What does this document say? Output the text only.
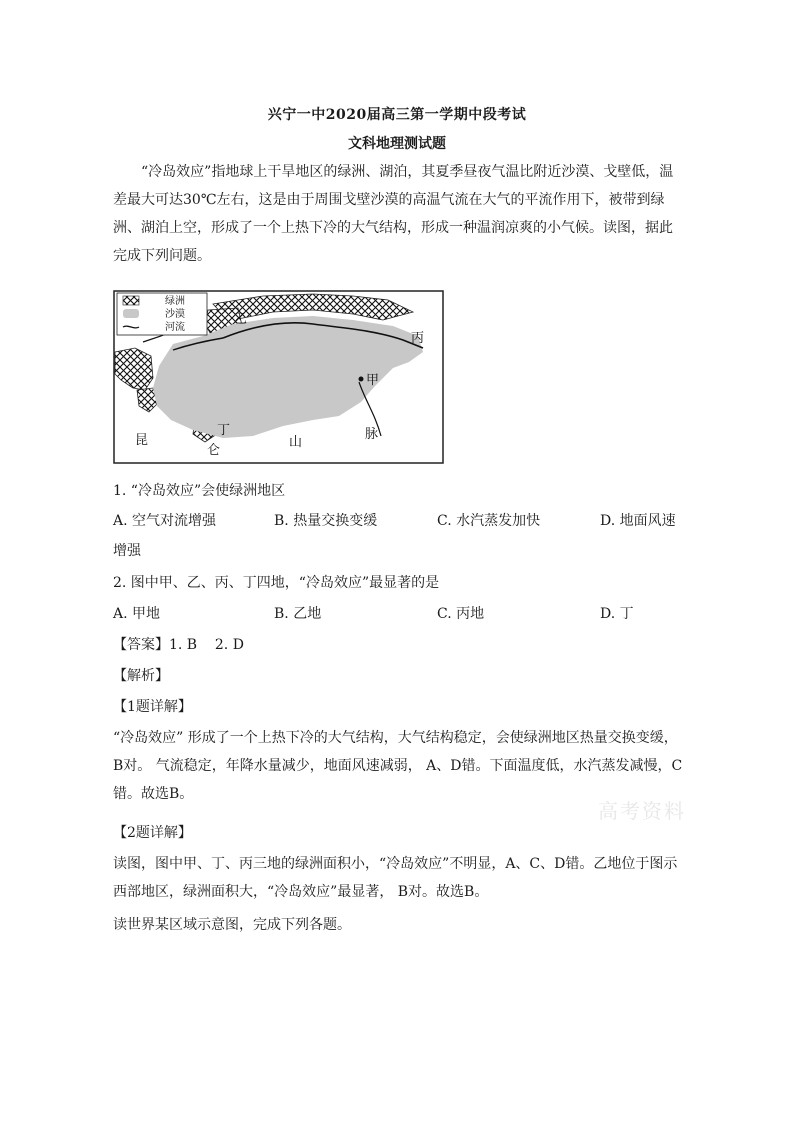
兴宁一中2020届高三第一学期中段考试
文科地理测试题
“冷岛效应”指地球上干旱地区的绿洲、湖泊，其夏季昼夜气温比附近沙漠、戈壁低，温差最大可达30℃左右，这是由于周围戈壁沙漠的高温气流在大气的平流作用下，被带到绿洲、湖泊上空，形成了一个上热下冷的大气结构，形成一种温润凉爽的小气候。读图，据此完成下列问题。
绿洲
沙漠
河流
乙
丙
甲
丁
昆
仑
山
脉
1. “冷岛效应”会使绿洲地区
A. 空气对流增强	B. 热量交换变缓	C. 水汽蒸发加快	D. 地面风速
增强
2. 图中甲、乙、丙、丁四地，“冷岛效应”最显著的是
A. 甲地	B. 乙地	C. 丙地	D. 丁
【答案】1. B    2. D
【解析】
【1题详解】
“冷岛效应” 形成了一个上热下冷的大气结构，大气结构稳定，会使绿洲地区热量交换变缓，B对。 气流稳定，年降水量减少，地面风速减弱， A、D错。下面温度低，水汽蒸发减慢，C错。故选B。
【2题详解】
读图，图中甲、丁、丙三地的绿洲面积小，“冷岛效应”不明显，A、C、D错。乙地位于图示西部地区，绿洲面积大，“冷岛效应”最显著， B对。故选B。
读世界某区域示意图，完成下列各题。
高考资料
